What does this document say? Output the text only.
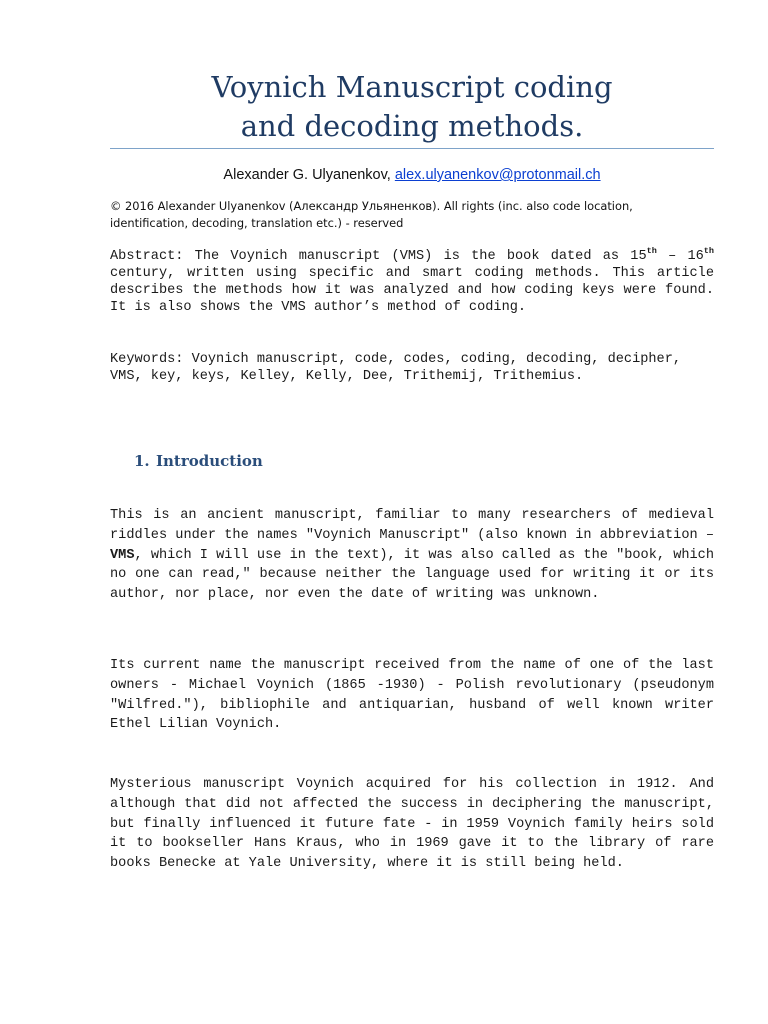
Voynich Manuscript coding
and decoding methods.
Alexander G. Ulyanenkov, alex.ulyanenkov@protonmail.ch
© 2016 Alexander Ulyanenkov (Александр Ульяненков). All rights (inc. also code location, identification, decoding, translation etc.) - reserved

Abstract: The Voynich manuscript (VMS) is the book dated as 15th – 16th century, written using specific and smart coding methods. This article describes the methods how it was analyzed and how coding keys were found. It is also shows the VMS author’s method of coding.

Keywords: Voynich manuscript, code, codes, coding, decoding, decipher, VMS, key, keys, Kelley, Kelly, Dee, Trithemij, Trithemius.

1. Introduction

This is an ancient manuscript, familiar to many researchers of medieval riddles under the names "Voynich Manuscript" (also known in abbreviation – VMS, which I will use in the text), it was also called as the "book, which no one can read," because neither the language used for writing it or its author, nor place, nor even the date of writing was unknown.

Its current name the manuscript received from the name of one of the last owners - Michael Voynich (1865 -1930) - Polish revolutionary (pseudonym "Wilfred."), bibliophile and antiquarian, husband of well known writer Ethel Lilian Voynich.

Mysterious manuscript Voynich acquired for his collection in 1912. And although that did not affected the success in deciphering the manuscript, but finally influenced it future fate - in 1959 Voynich family heirs sold it to bookseller Hans Kraus, who in 1969 gave it to the library of rare books Benecke at Yale University, where it is still being held.
